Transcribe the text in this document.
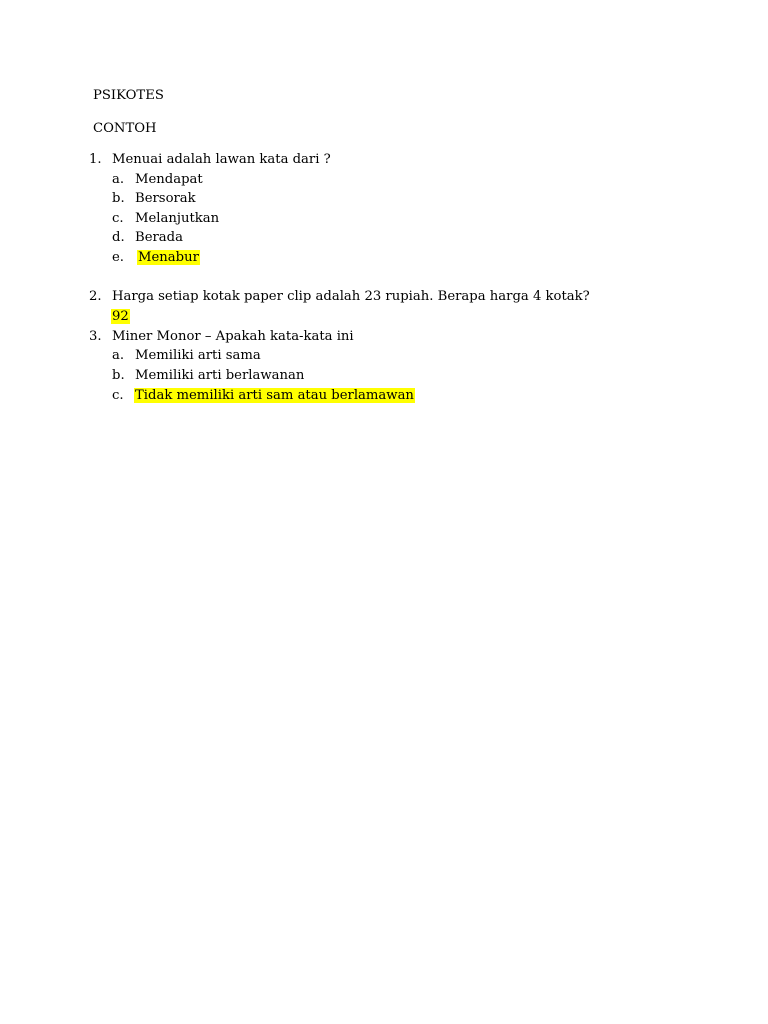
PSIKOTES
CONTOH
1. Menuai adalah lawan kata dari ?
a. Mendapat
b. Bersorak
c. Melanjutkan
d. Berada
e. Menabur
2. Harga setiap kotak paper clip adalah 23 rupiah. Berapa harga 4 kotak?
92
3. Miner Monor – Apakah kata-kata ini
a. Memiliki arti sama
b. Memiliki arti berlawanan
c. Tidak memiliki arti sam atau berlamawan
